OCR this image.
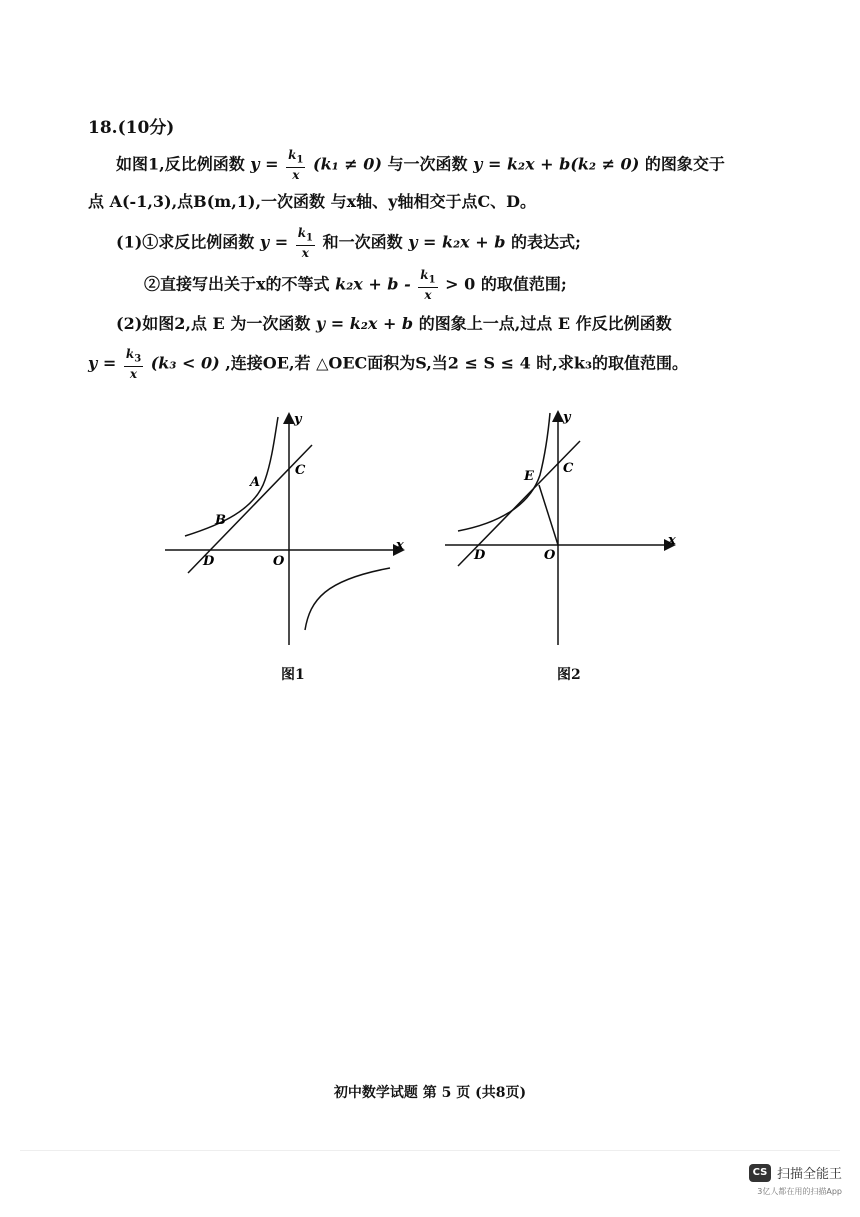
18.(10分)
如图1,反比例函数 $y = \frac{k_1}{x} (k_1 \ne 0)$ 与一次函数 y = k₂x + b(k₂ ≠ 0) 的图象交于
点 A(-1,3),点B(m,1),一次函数 与x轴、y轴相交于点C、D。
(1)①求反比例函数 $y = \frac{k_1}{x}$ 和一次函数 y = k₂x + b 的表达式;
②直接写出关于x的不等式 $k_2x + b - \frac{k_1}{x} > 0$ 的取值范围;
(2)如图2,点 E 为一次函数 y = k₂x + b 的图象上一点,过点 E 作反比例函数
$y = \frac{k_3}{x} (k_3 < 0)$ ,连接OE,若 △OEC面积为S,当2 ≤ S ≤ 4 时,求k₃的取值范围。
x
y
O
A
B
C
D
图1
x
y
O
E
C
D
图2
初中数学试题 第 5 页 (共8页)
CS 扫描全能王
3亿人都在用的扫描App
